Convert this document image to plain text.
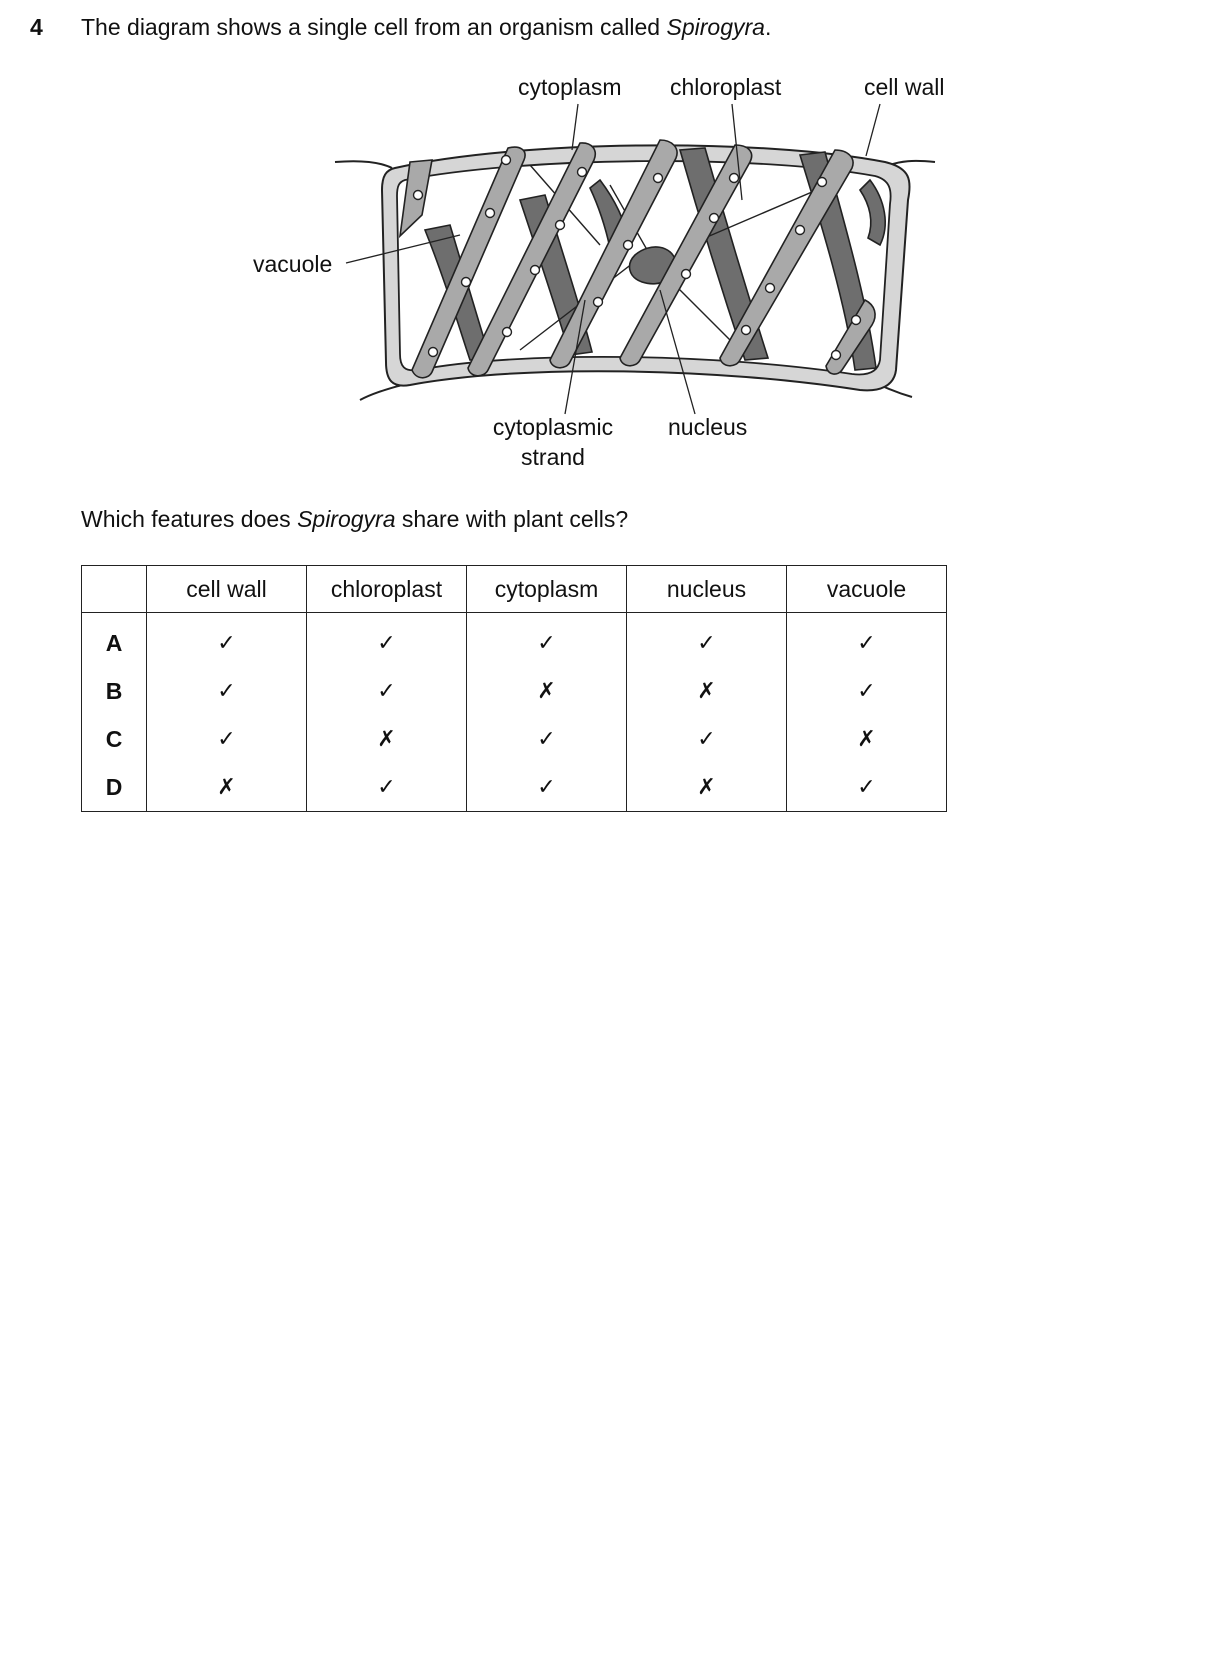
4 The diagram shows a single cell from an organism called Spirogyra.
cytoplasm chloroplast	cell wall
vacuole
cytoplasmic
strand
nucleus
Which features does Spirogyra share with plant cells?
	cell wall	chloroplast	cytoplasm	nucleus	vacuole
A	✓	✓	✓	✓	✓
B	✓	✓	✗	✗	✓
C	✓	✗	✓	✓	✗
D	✗	✓	✓	✗	✓
